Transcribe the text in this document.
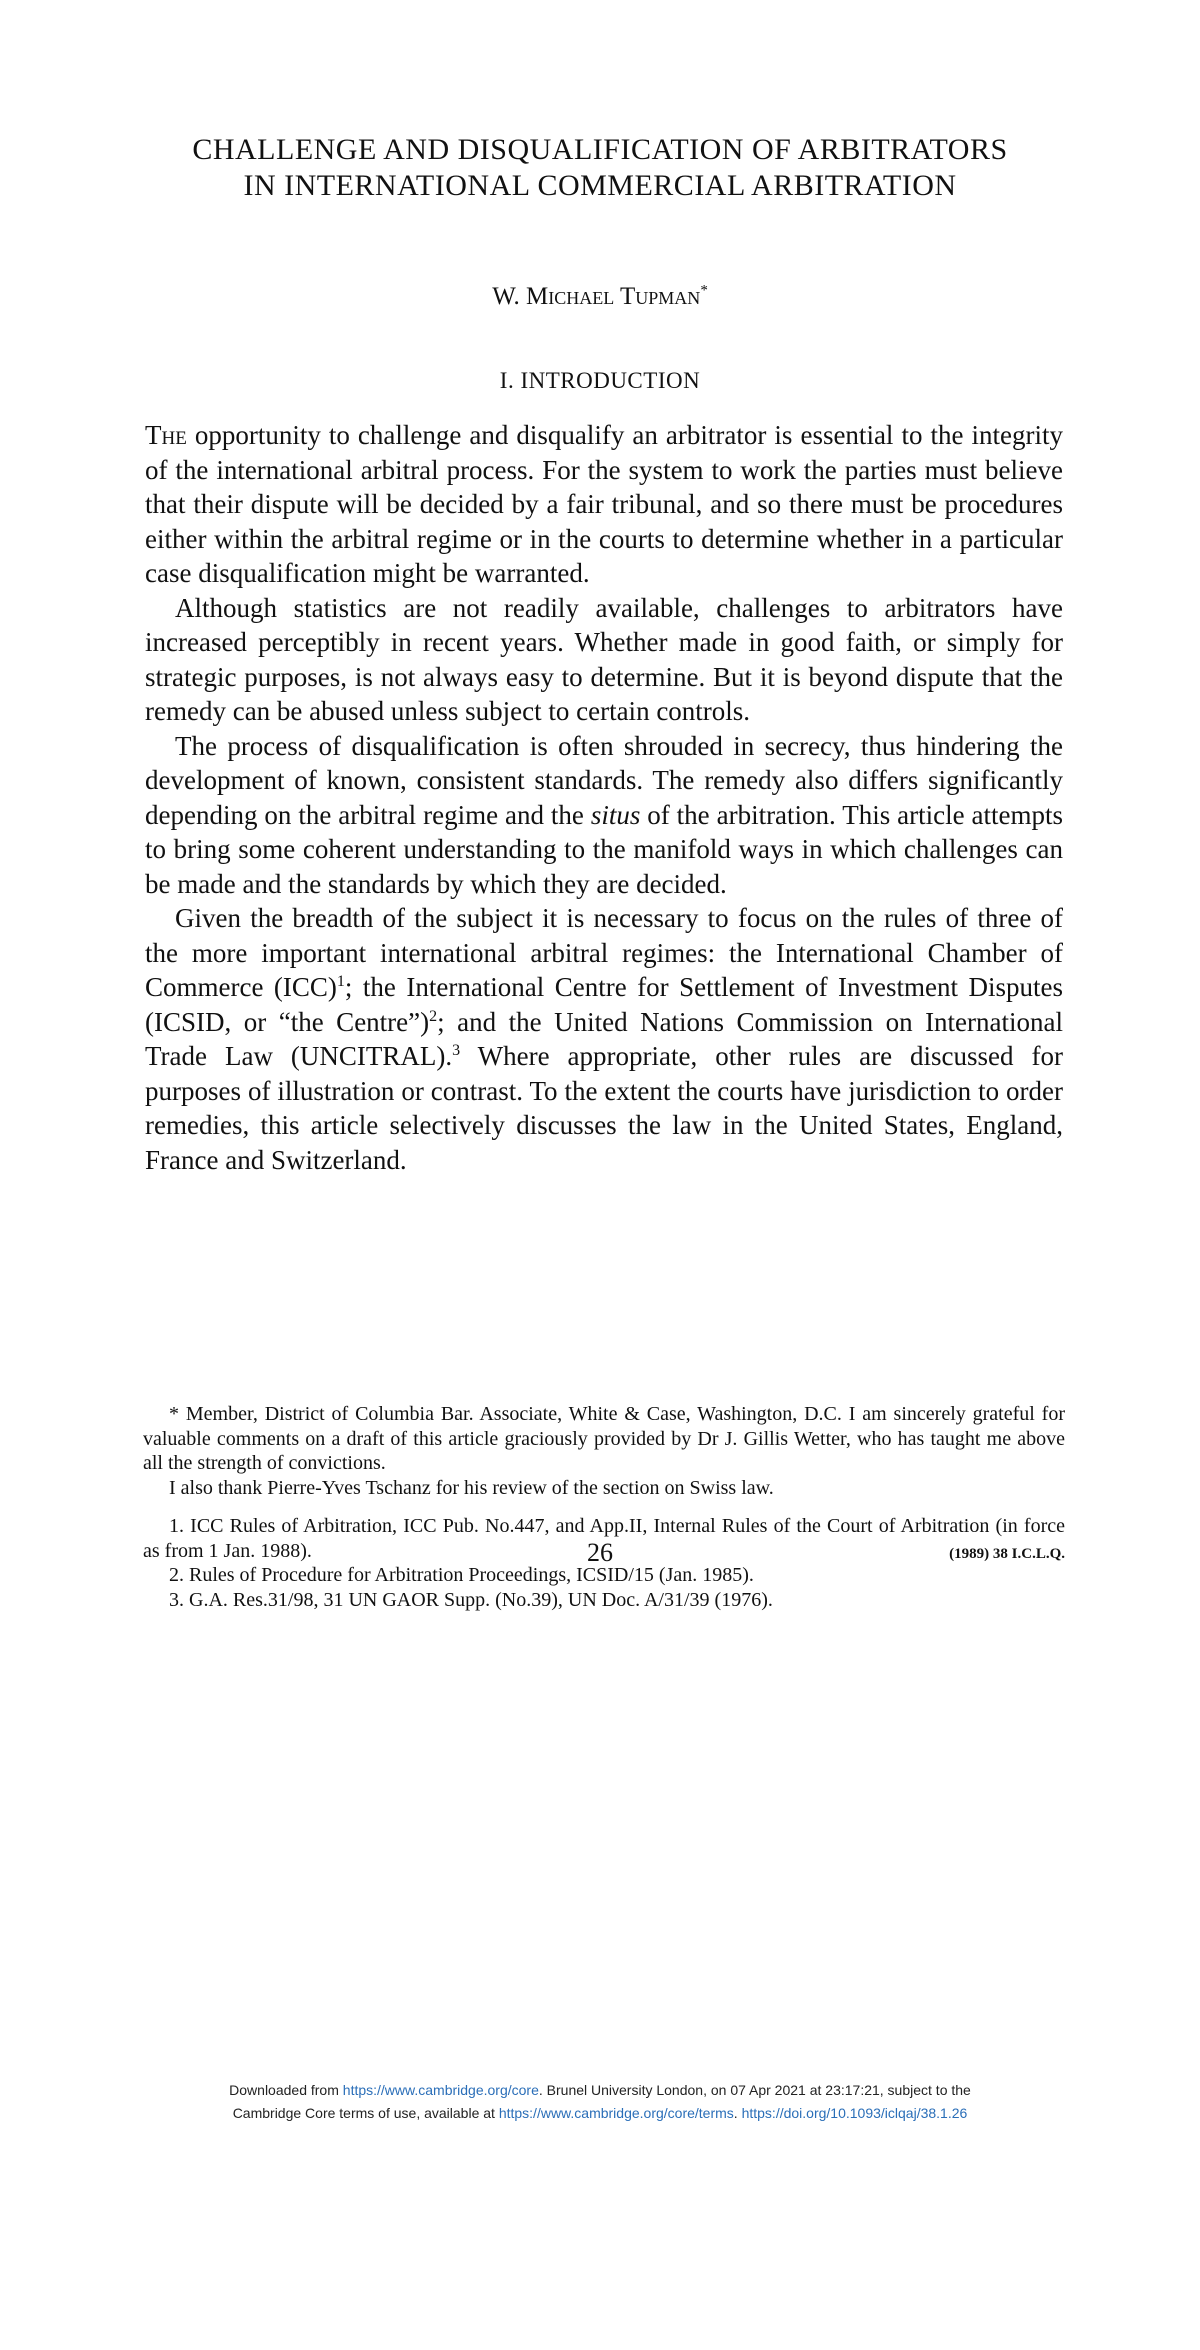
CHALLENGE AND DISQUALIFICATION OF ARBITRATORS
IN INTERNATIONAL COMMERCIAL ARBITRATION
W. Michael Tupman*
I. INTRODUCTION

The opportunity to challenge and disqualify an arbitrator is essential to the integrity of the international arbitral process. For the system to work the parties must believe that their dispute will be decided by a fair tribunal, and so there must be procedures either within the arbitral regime or in the courts to determine whether in a particular case disqualification might be warranted.

Although statistics are not readily available, challenges to arbitrators have increased perceptibly in recent years. Whether made in good faith, or simply for strategic purposes, is not always easy to determine. But it is beyond dispute that the remedy can be abused unless subject to certain controls.

The process of disqualification is often shrouded in secrecy, thus hindering the development of known, consistent standards. The remedy also differs significantly depending on the arbitral regime and the situs of the arbitration. This article attempts to bring some coherent understanding to the manifold ways in which challenges can be made and the standards by which they are decided.

Given the breadth of the subject it is necessary to focus on the rules of three of the more important international arbitral regimes: the International Chamber of Commerce (ICC)$^1$; the International Centre for Settlement of Investment Disputes (ICSID, or “the Centre”)$^2$; and the United Nations Commission on International Trade Law (UNCITRAL).$^3$ Where appropriate, other rules are discussed for purposes of illustration or contrast. To the extent the courts have jurisdiction to order remedies, this article selectively discusses the law in the United States, England, France and Switzerland.

* Member, District of Columbia Bar. Associate, White & Case, Washington, D.C. I am sincerely grateful for valuable comments on a draft of this article graciously provided by Dr J. Gillis Wetter, who has taught me above all the strength of convictions.

I also thank Pierre-Yves Tschanz for his review of the section on Swiss law.

1. ICC Rules of Arbitration, ICC Pub. No.447, and App.II, Internal Rules of the Court of Arbitration (in force as from 1 Jan. 1988).

2. Rules of Procedure for Arbitration Proceedings, ICSID/15 (Jan. 1985).

3. G.A. Res.31/98, 31 UN GAOR Supp. (No.39), UN Doc. A/31/39 (1976).

26	(1989) 38 I.C.L.Q.
Downloaded from https://www.cambridge.org/core. Brunel University London, on 07 Apr 2021 at 23:17:21, subject to the
Cambridge Core terms of use, available at https://www.cambridge.org/core/terms. https://doi.org/10.1093/iclqaj/38.1.26
